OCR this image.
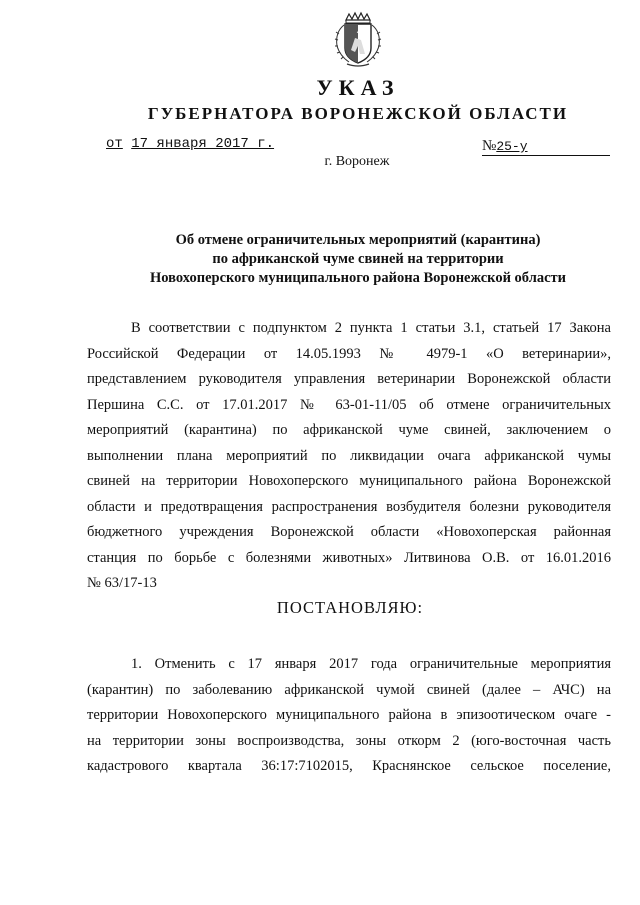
УКАЗ
ГУБЕРНАТОРА ВОРОНЕЖСКОЙ ОБЛАСТИ
от 17 января 2017 г.	№25-у
г. Воронеж
Об отмене ограничительных мероприятий (карантина)
по африканской чуме свиней на территории
Новохоперского муниципального района Воронежской области
В соответствии с подпунктом 2 пункта 1 статьи 3.1, статьей 17 Закона
Российской Федерации от 14.05.1993 № 4979-1 «О ветеринарии»,
представлением руководителя управления ветеринарии Воронежской области
Першина С.С. от 17.01.2017 № 63-01-11/05 об отмене ограничительных
мероприятий (карантина) по африканской чуме свиней, заключением о
выполнении плана мероприятий по ликвидации очага африканской чумы
свиней на территории Новохоперского муниципального района Воронежской
области и предотвращения распространения возбудителя болезни руководителя
бюджетного учреждения Воронежской области «Новохоперская районная
станция по борьбе с болезнями животных» Литвинова О.В. от 16.01.2016
№ 63/17-13
ПОСТАНОВЛЯЮ:
1. Отменить с 17 января 2017 года ограничительные мероприятия
(карантин) по заболеванию африканской чумой свиней (далее – АЧС) на
территории Новохоперского муниципального района в эпизоотическом очаге -
на территории зоны воспроизводства, зоны откорм 2 (юго-восточная часть
кадастрового квартала 36:17:7102015, Краснянское сельское поселение,
